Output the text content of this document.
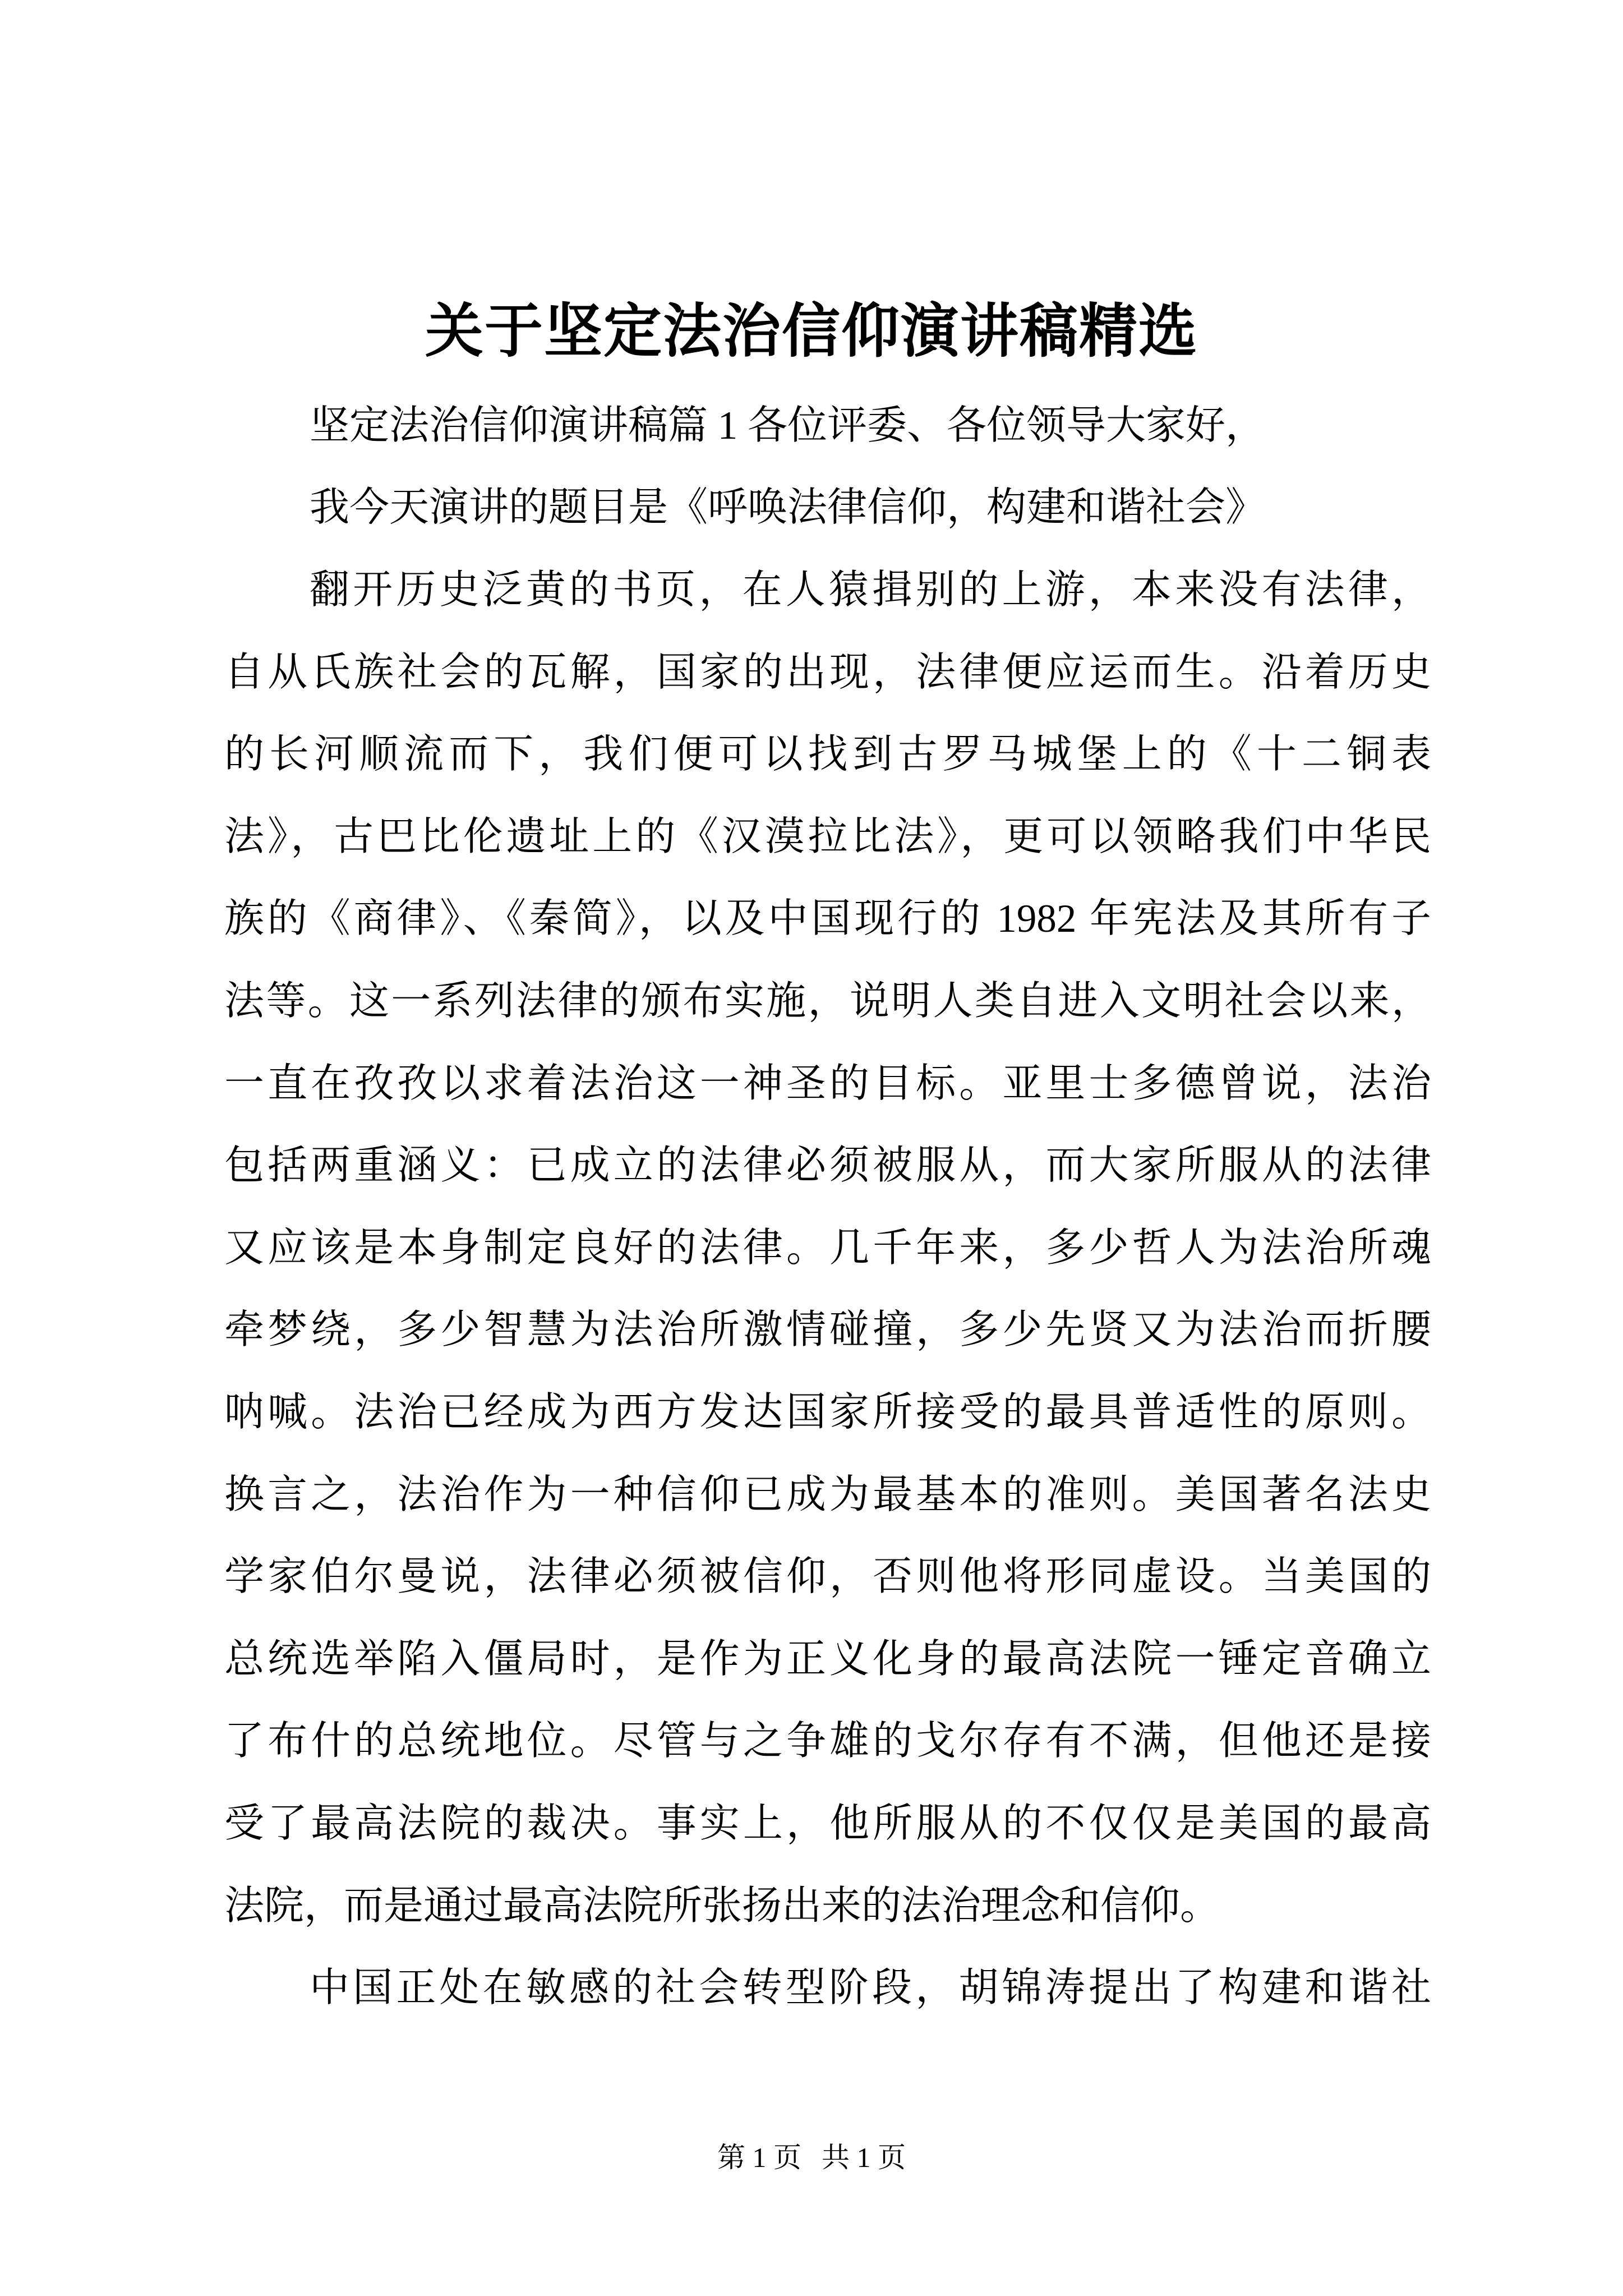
关于坚定法治信仰演讲稿精选
坚定法治信仰演讲稿篇 1 各位评委、各位领导大家好，
我今天演讲的题目是《呼唤法律信仰，构建和谐社会》
翻开历史泛黄的书页，在人猿揖别的上游，本来没有法律，
自从氏族社会的瓦解，国家的出现，法律便应运而生。沿着历史
的长河顺流而下，我们便可以找到古罗马城堡上的《十二铜表
法》，古巴比伦遗址上的《汉漠拉比法》，更可以领略我们中华民
族的《商律》、《秦简》，以及中国现行的 1982 年宪法及其所有子
法等。这一系列法律的颁布实施，说明人类自进入文明社会以来，
一直在孜孜以求着法治这一神圣的目标。亚里士多德曾说，法治
包括两重涵义：已成立的法律必须被服从，而大家所服从的法律
又应该是本身制定良好的法律。几千年来，多少哲人为法治所魂
牵梦绕，多少智慧为法治所激情碰撞，多少先贤又为法治而折腰
呐喊。法治已经成为西方发达国家所接受的最具普适性的原则。
换言之，法治作为一种信仰已成为最基本的准则。美国著名法史
学家伯尔曼说，法律必须被信仰，否则他将形同虚设。当美国的
总统选举陷入僵局时，是作为正义化身的最高法院一锤定音确立
了布什的总统地位。尽管与之争雄的戈尔存有不满，但他还是接
受了最高法院的裁决。事实上，他所服从的不仅仅是美国的最高
法院，而是通过最高法院所张扬出来的法治理念和信仰。
中国正处在敏感的社会转型阶段，胡锦涛提出了构建和谐社
第 1 页 共 1 页
